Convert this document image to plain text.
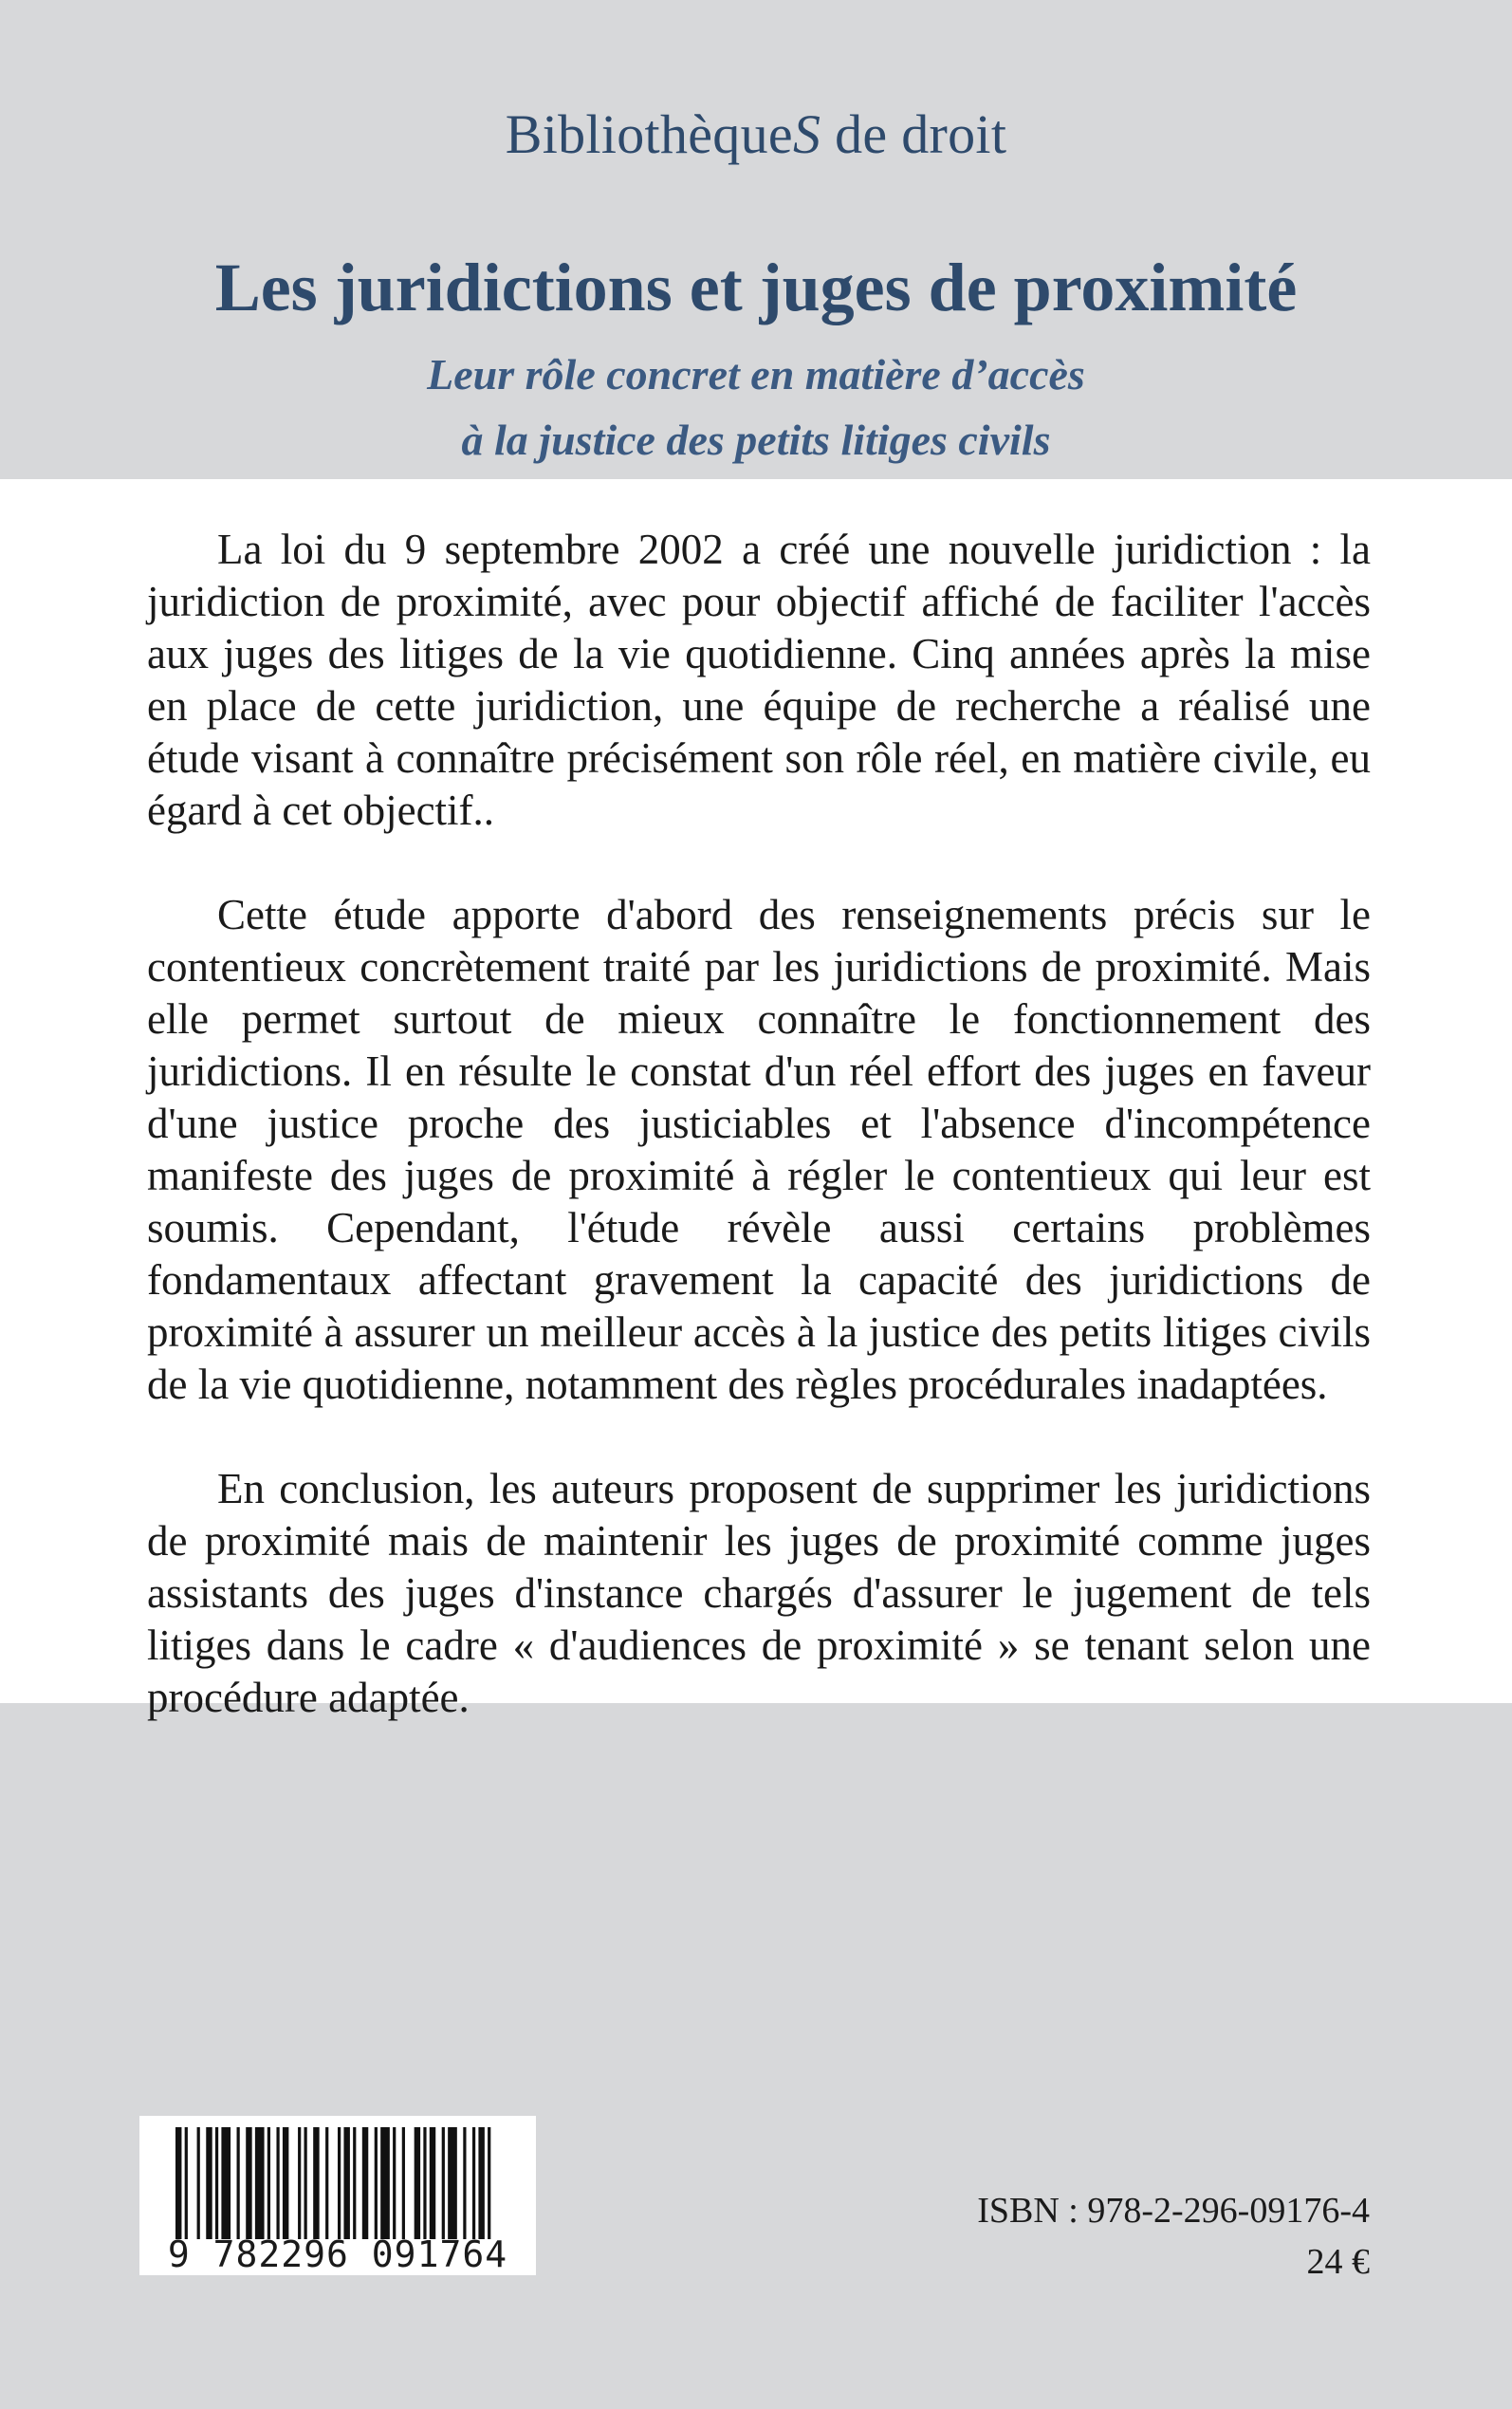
BibliothèqueS de droit
Les juridictions et juges de proximité
Leur rôle concret en matière d’accès
à la justice des petits litiges civils

La loi du 9 septembre 2002 a créé une nouvelle juridiction : la juridiction de proximité, avec pour objectif affiché de faciliter l'accès aux juges des litiges de la vie quotidienne. Cinq années après la mise en place de cette juridiction, une équipe de recherche a réalisé une étude visant à connaître précisément son rôle réel, en matière civile, eu égard à cet objectif..

Cette étude apporte d'abord des renseignements précis sur le contentieux concrètement traité par les juridictions de proximité. Mais elle permet surtout de mieux connaître le fonctionnement des juridictions. Il en résulte le constat d'un réel effort des juges en faveur d'une justice proche des justiciables et l'absence d'incompétence manifeste des juges de proximité à régler le contentieux qui leur est soumis. Cependant, l'étude révèle aussi certains problèmes fondamentaux affectant gravement la capacité des juridictions de proximité à assurer un meilleur accès à la justice des petits litiges civils de la vie quotidienne, notamment des règles procédurales inadaptées.

En conclusion, les auteurs proposent de supprimer les juridictions de proximité mais de maintenir les juges de proximité comme juges assistants des juges d'instance chargés d'assurer le jugement de tels litiges dans le cadre « d'audiences de proximité » se tenant selon une procédure adaptée.

9 782296 091764
ISBN : 978-2-296-09176-4
24 €
